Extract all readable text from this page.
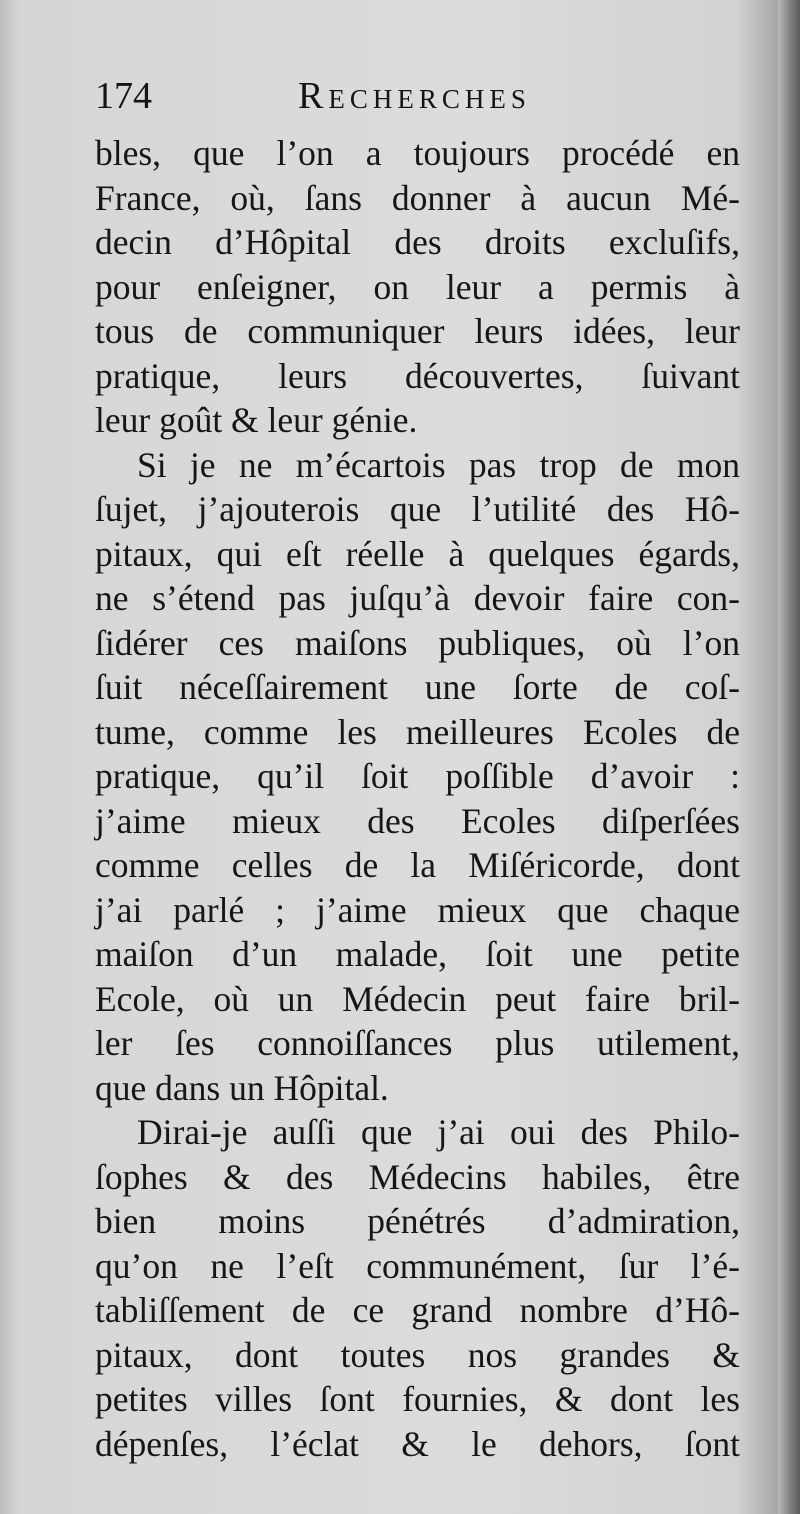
174	Recherches
bles, que l’on a toujours procédé en
France, où, ſans donner à aucun Mé-
decin d’Hôpital des droits excluſifs,
pour enſeigner, on leur a permis à
tous de communiquer leurs idées, leur
pratique, leurs découvertes, ſuivant
leur goût & leur génie.
Si je ne m’écartois pas trop de mon
ſujet, j’ajouterois que l’utilité des Hô-
pitaux, qui eſt réelle à quelques égards,
ne s’étend pas juſqu’à devoir faire con-
ſidérer ces maiſons publiques, où l’on
ſuit néceſſairement une ſorte de coſ-
tume, comme les meilleures Ecoles de
pratique, qu’il ſoit poſſible d’avoir :
j’aime mieux des Ecoles diſperſées
comme celles de la Miſéricorde, dont
j’ai parlé ; j’aime mieux que chaque
maiſon d’un malade, ſoit une petite
Ecole, où un Médecin peut faire bril-
ler ſes connoiſſances plus utilement,
que dans un Hôpital.
Dirai-je auſſi que j’ai oui des Philo-
ſophes & des Médecins habiles, être
bien moins pénétrés d’admiration,
qu’on ne l’eſt communément, ſur l’é-
tabliſſement de ce grand nombre d’Hô-
pitaux, dont toutes nos grandes &
petites villes ſont fournies, & dont les
dépenſes, l’éclat & le dehors, ſont
